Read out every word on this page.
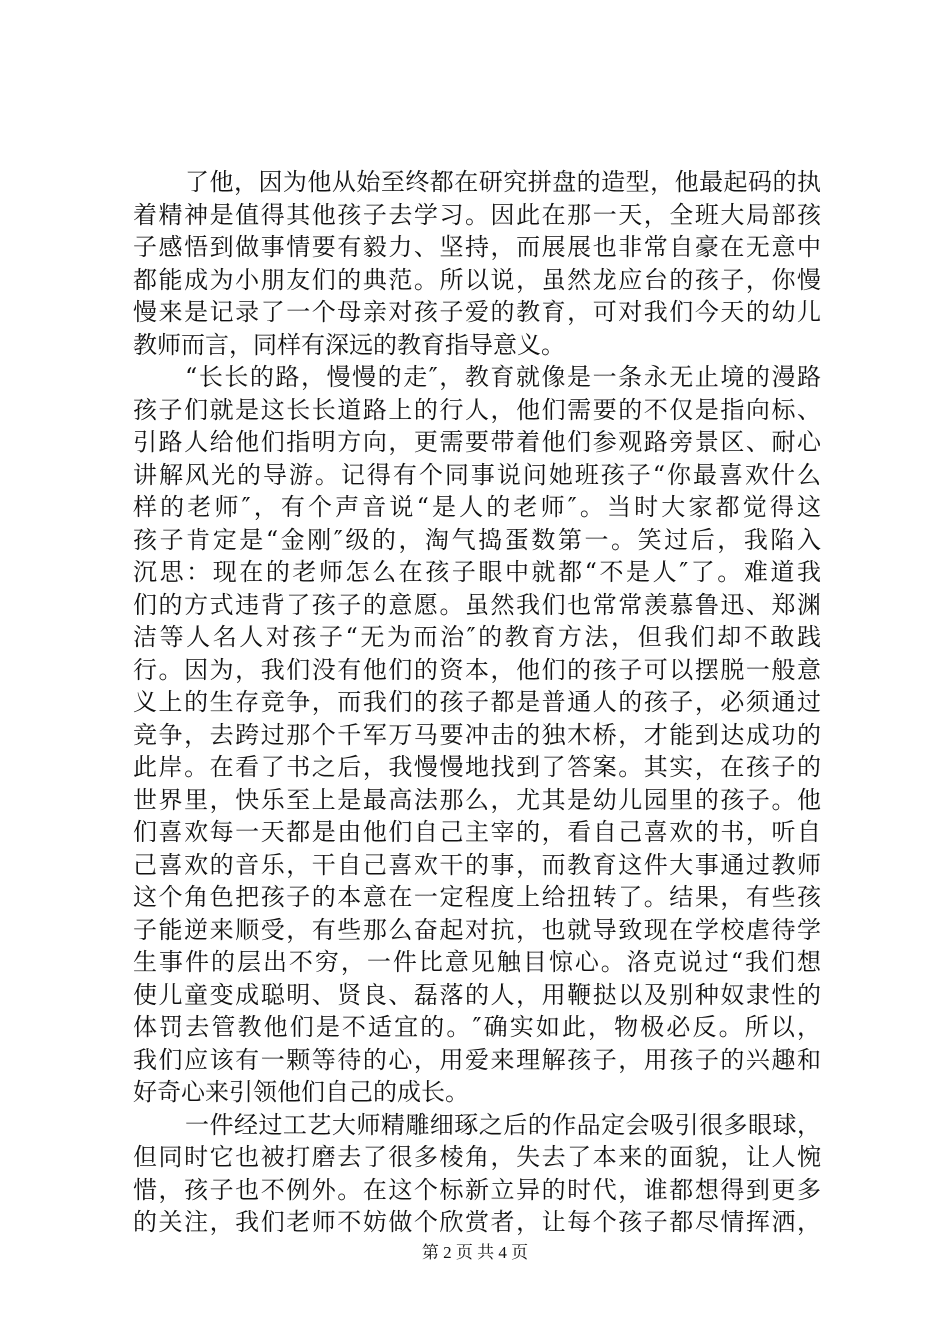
了他，因为他从始至终都在研究拼盘的造型，他最起码的执
着精神是值得其他孩子去学习。因此在那一天，全班大局部孩
子感悟到做事情要有毅力、坚持，而展展也非常自豪在无意中
都能成为小朋友们的典范。所以说，虽然龙应台的孩子，你慢
慢来是记录了一个母亲对孩子爱的教育，可对我们今天的幼儿
教师而言，同样有深远的教育指导意义。
“长长的路，慢慢的走″，教育就像是一条永无止境的漫路
孩子们就是这长长道路上的行人，他们需要的不仅是指向标、
引路人给他们指明方向，更需要带着他们参观路旁景区、耐心
讲解风光的导游。记得有个同事说问她班孩子“你最喜欢什么
样的老师″，有个声音说“是人的老师″。当时大家都觉得这
孩子肯定是“金刚″级的，淘气捣蛋数第一。笑过后，我陷入
沉思：现在的老师怎么在孩子眼中就都“不是人″了。难道我
们的方式违背了孩子的意愿。虽然我们也常常羡慕鲁迅、郑渊
洁等人名人对孩子“无为而治″的教育方法，但我们却不敢践
行。因为，我们没有他们的资本，他们的孩子可以摆脱一般意
义上的生存竞争，而我们的孩子都是普通人的孩子，必须通过
竞争，去跨过那个千军万马要冲击的独木桥，才能到达成功的
此岸。在看了书之后，我慢慢地找到了答案。其实，在孩子的
世界里，快乐至上是最高法那么，尤其是幼儿园里的孩子。他
们喜欢每一天都是由他们自己主宰的，看自己喜欢的书，听自
己喜欢的音乐，干自己喜欢干的事，而教育这件大事通过教师
这个角色把孩子的本意在一定程度上给扭转了。结果，有些孩
子能逆来顺受，有些那么奋起对抗，也就导致现在学校虐待学
生事件的层出不穷，一件比意见触目惊心。洛克说过“我们想
使儿童变成聪明、贤良、磊落的人，用鞭挞以及别种奴隶性的
体罚去管教他们是不适宜的。″确实如此，物极必反。所以，
我们应该有一颗等待的心，用爱来理解孩子，用孩子的兴趣和
好奇心来引领他们自己的成长。
一件经过工艺大师精雕细琢之后的作品定会吸引很多眼球，
但同时它也被打磨去了很多棱角，失去了本来的面貌，让人惋
惜，孩子也不例外。在这个标新立异的时代，谁都想得到更多
的关注，我们老师不妨做个欣赏者，让每个孩子都尽情挥洒，
第 2 页 共 4 页
